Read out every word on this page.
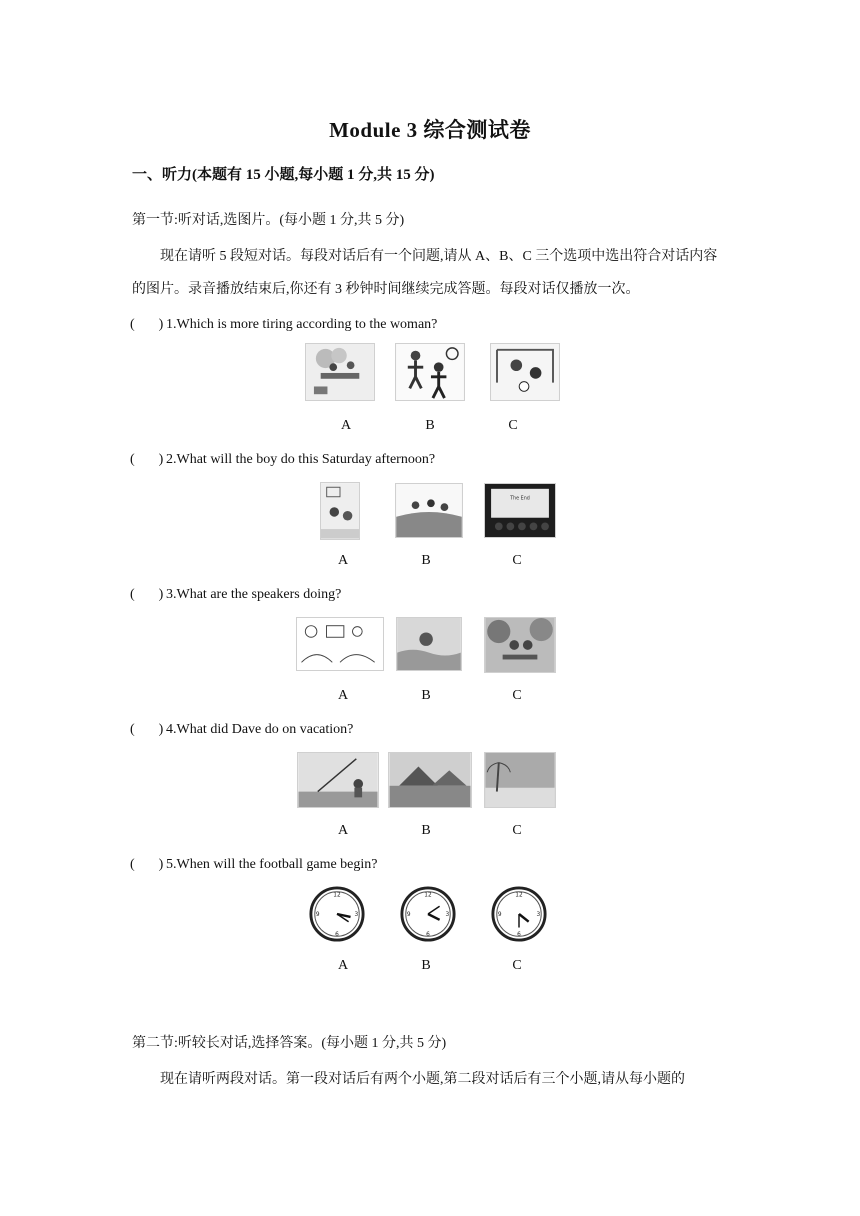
Module 3 综合测试卷
一、听力(本题有 15 小题,每小题 1 分,共 15 分)
第一节:听对话,选图片。(每小题 1 分,共 5 分)
现在请听 5 段短对话。每段对话后有一个问题,请从 A、B、C 三个选项中选出符合对话内容的图片。录音播放结束后,你还有 3 秒钟时间继续完成答题。每段对话仅播放一次。
( ) 1.Which is more tiring according to the woman?
A	B	C
( ) 2.What will the boy do this Saturday afternoon?
The End
A	B	C
( ) 3.What are the speakers doing?
A	B	C
( ) 4.What did Dave do on vacation?
A	B	C
( ) 5.When will the football game begin?
12
3
6
9
12
3
6
9
12
3
6
9
A	B	C
第二节:听较长对话,选择答案。(每小题 1 分,共 5 分)
现在请听两段对话。第一段对话后有两个小题,第二段对话后有三个小题,请从每小题的
